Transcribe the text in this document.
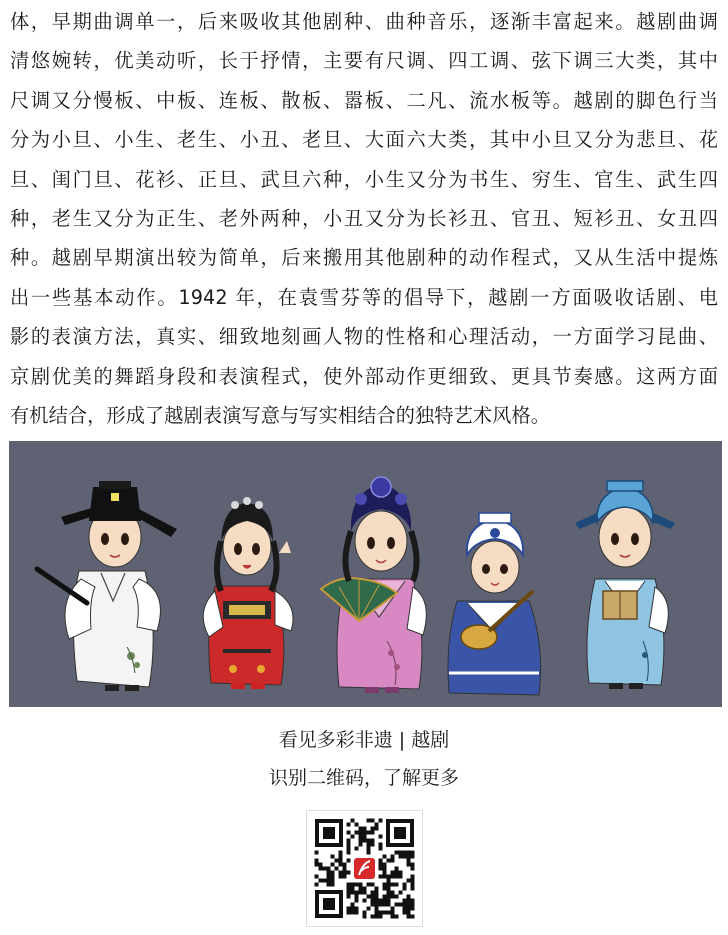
体，早期曲调单一，后来吸收其他剧种、曲种音乐，逐渐丰富起来。越剧曲调
清悠婉转，优美动听，长于抒情，主要有尺调、四工调、弦下调三大类，其中
尺调又分慢板、中板、连板、散板、嚣板、二凡、流水板等。越剧的脚色行当
分为小旦、小生、老生、小丑、老旦、大面六大类，其中小旦又分为悲旦、花
旦、闺门旦、花衫、正旦、武旦六种，小生又分为书生、穷生、官生、武生四
种，老生又分为正生、老外两种，小丑又分为长衫丑、官丑、短衫丑、女丑四
种。越剧早期演出较为简单，后来搬用其他剧种的动作程式，又从生活中提炼
出一些基本动作。1942 年，在袁雪芬等的倡导下，越剧一方面吸收话剧、电
影的表演方法，真实、细致地刻画人物的性格和心理活动，一方面学习昆曲、
京剧优美的舞蹈身段和表演程式，使外部动作更细致、更具节奏感。这两方面
有机结合，形成了越剧表演写意与写实相结合的独特艺术风格。
看见多彩非遗 | 越剧
识别二维码，了解更多
